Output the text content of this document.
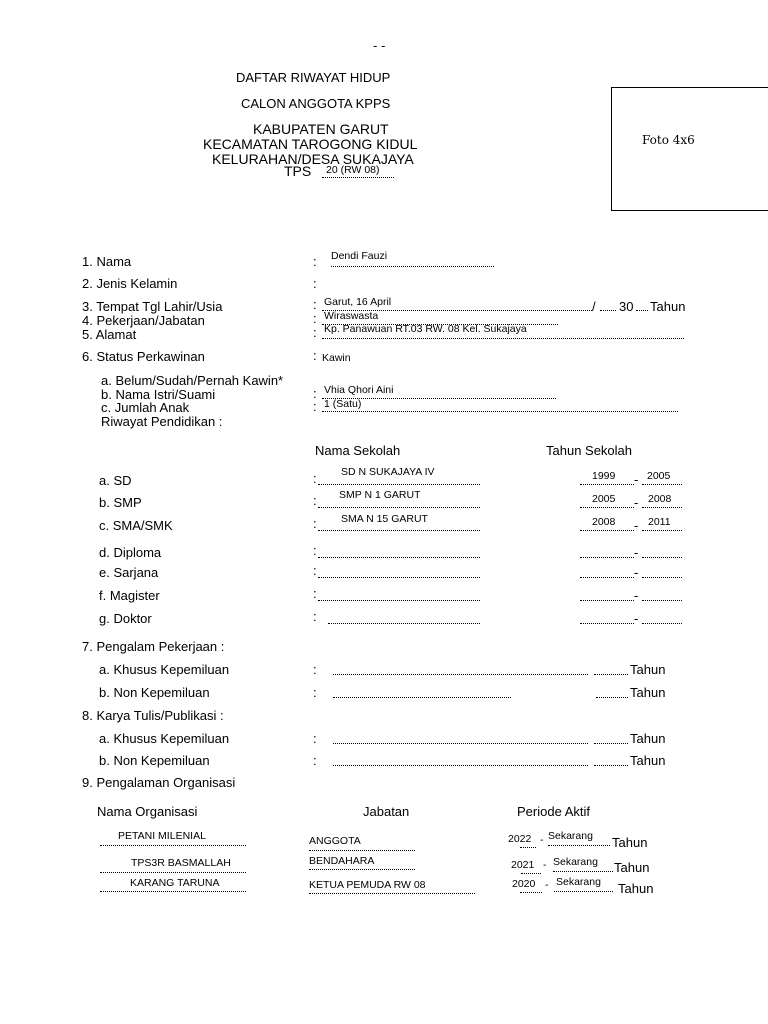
- -
DAFTAR RIWAYAT HIDUP
CALON ANGGOTA KPPS
KABUPATEN GARUT
KECAMATAN TAROGONG KIDUL
KELURAHAN/DESA SUKAJAYA
TPS 20 (RW 08)
Foto 4x6
1. Nama	: Dendi Fauzi
2. Jenis Kelamin	:
3. Tempat Tgl Lahir/Usia	: Garut, 16 April	/ 30 Tahun
4. Pekerjaan/Jabatan	: Wiraswasta
5. Alamat	: Kp. Panawuan RT.03 RW. 08 Kel. Sukajaya
6. Status Perkawinan	: Kawin
a. Belum/Sudah/Pernah Kawin*
b. Nama Istri/Suami	: Vhia Qhori Aini
c. Jumlah Anak	: 1 (Satu)
Riwayat Pendidikan :
Nama Sekolah	Tahun Sekolah
a. SD	: SD N SUKAJAYA IV	1999 - 2005
b. SMP	: SMP N 1 GARUT	2005 - 2008
c. SMA/SMK	: SMA N 15 GARUT	2008 - 2011
d. Diploma	:	-
e. Sarjana	:	-
f. Magister	:	-
g. Doktor	:	-
7. Pengalam Pekerjaan :
a. Khusus Kepemiluan	:	Tahun
b. Non Kepemiluan	:	Tahun
8. Karya Tulis/Publikasi :
a. Khusus Kepemiluan	:	Tahun
b. Non Kepemiluan	:	Tahun
9. Pengalaman Organisasi
Nama Organisasi	Jabatan	Periode Aktif
PETANI MILENIAL	ANGGOTA	2022 - Sekarang Tahun
TPS3R BASMALLAH	BENDAHARA	2021 - Sekarang Tahun
KARANG TARUNA	KETUA PEMUDA RW 08	2020 - Sekarang Tahun
